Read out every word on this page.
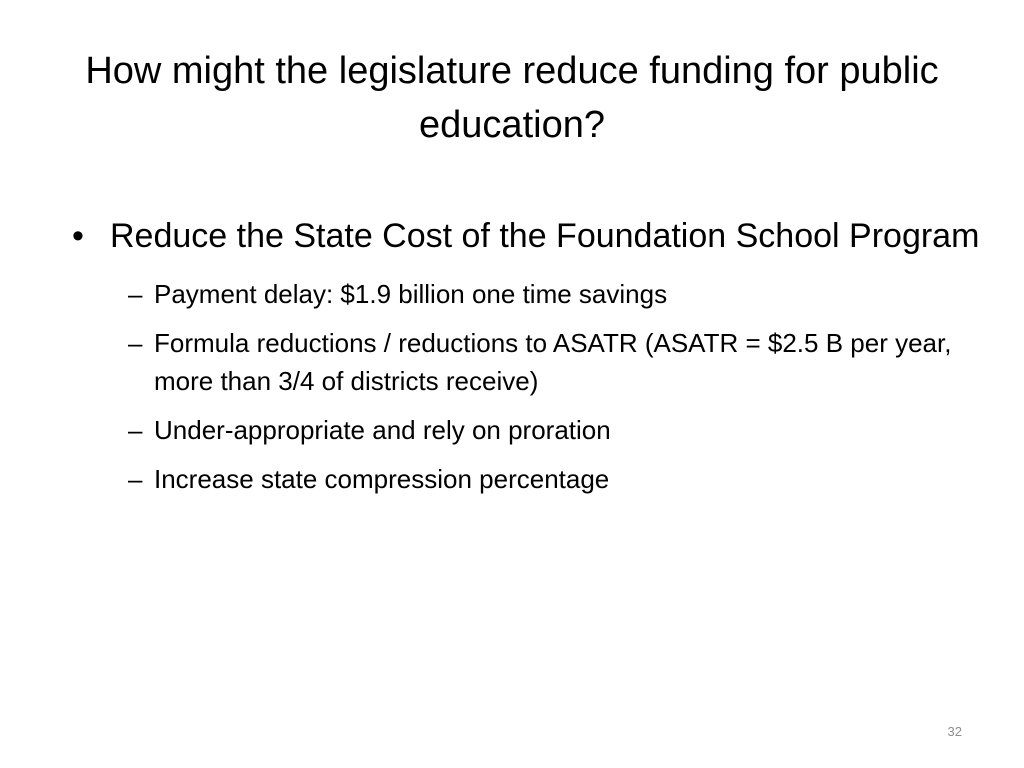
How might the legislature reduce funding for public education?
• Reduce the State Cost of the Foundation School Program
– Payment delay: $1.9 billion one time savings
– Formula reductions / reductions to ASATR (ASATR = $2.5 B per year, more than 3/4 of districts receive)
– Under-appropriate and rely on proration
– Increase state compression percentage
32
